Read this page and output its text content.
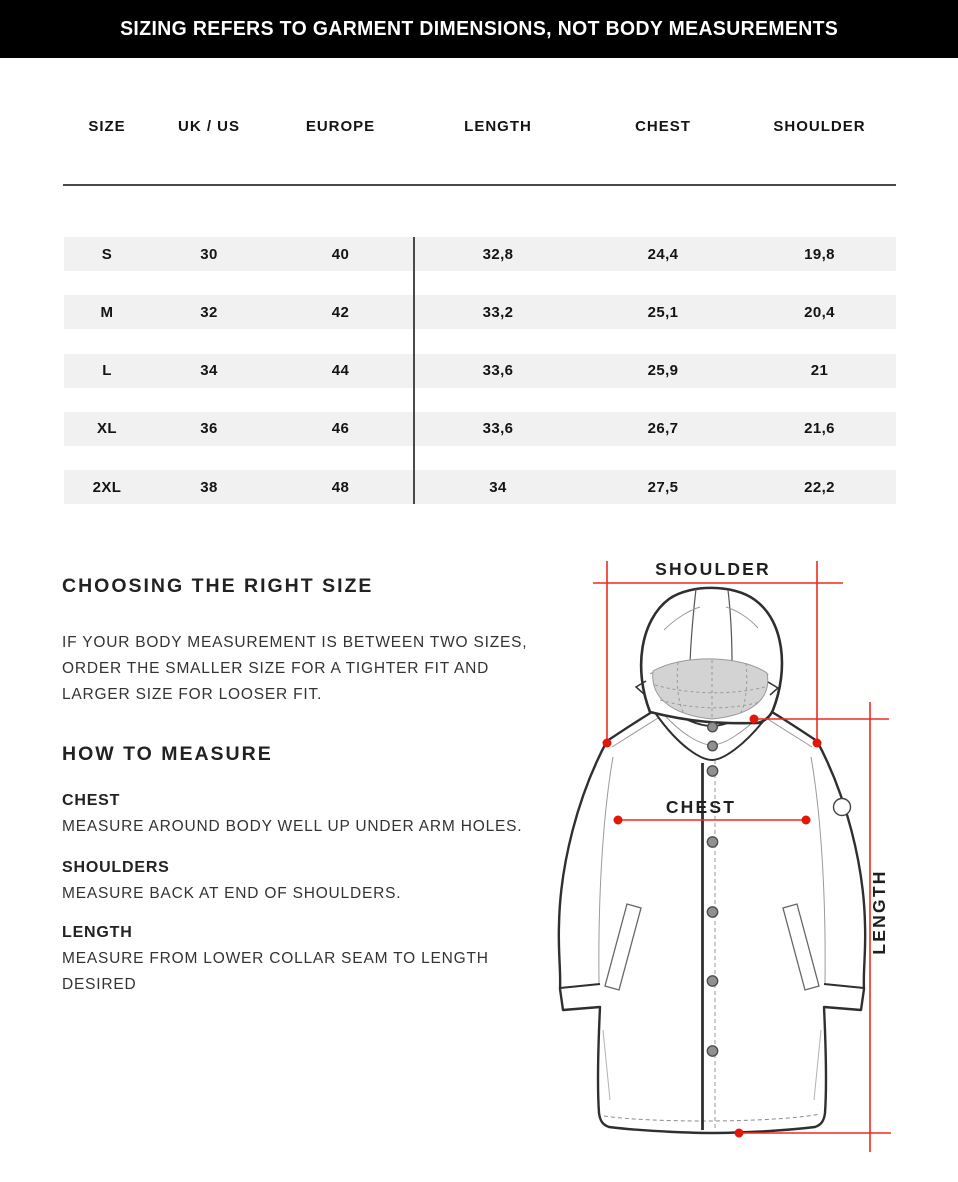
SIZING REFERS TO GARMENT DIMENSIONS, NOT BODY MEASUREMENTS
SIZE	UK / US	EUROPE	LENGTH	CHEST	SHOULDER
S	30	40	32,8	24,4	19,8
M	32	42	33,2	25,1	20,4
L	34	44	33,6	25,9	21
XL	36	46	33,6	26,7	21,6
2XL	38	48	34	27,5	22,2
CHOOSING THE RIGHT SIZE
IF YOUR BODY MEASUREMENT IS BETWEEN TWO SIZES,
ORDER THE SMALLER SIZE FOR A TIGHTER FIT AND
LARGER SIZE FOR LOOSER FIT.
HOW TO MEASURE
CHEST
MEASURE AROUND BODY WELL UP UNDER ARM HOLES.
SHOULDERS
MEASURE BACK AT END OF SHOULDERS.
LENGTH
MEASURE FROM LOWER COLLAR SEAM TO LENGTH
DESIRED
SHOULDER
CHEST
LENGTH
